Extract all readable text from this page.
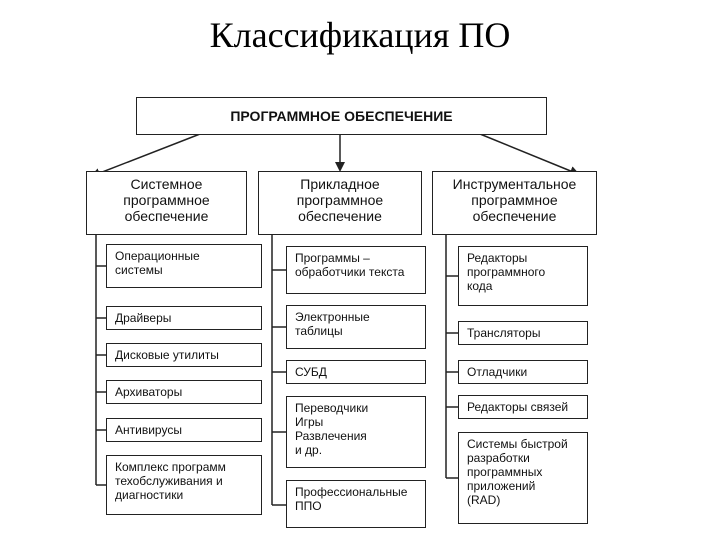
Классификация ПО
ПРОГРАММНОЕ ОБЕСПЕЧЕНИЕ
Системное
программное
обеспечение
Прикладное
программное
обеспечение
Инструментальное
программное
обеспечение
Операционные
системы
Драйверы
Дисковые утилиты
Архиваторы
Антивирусы
Комплекс программ
техобслуживания и
диагностики
Программы –
обработчики текста
Электронные
таблицы
СУБД
Переводчики
Игры
Развлечения
и др.
Профессиональные
ППО
Редакторы
программного
кода
Трансляторы
Отладчики
Редакторы связей
Системы быстрой
разработки
программных
приложений
(RAD)
